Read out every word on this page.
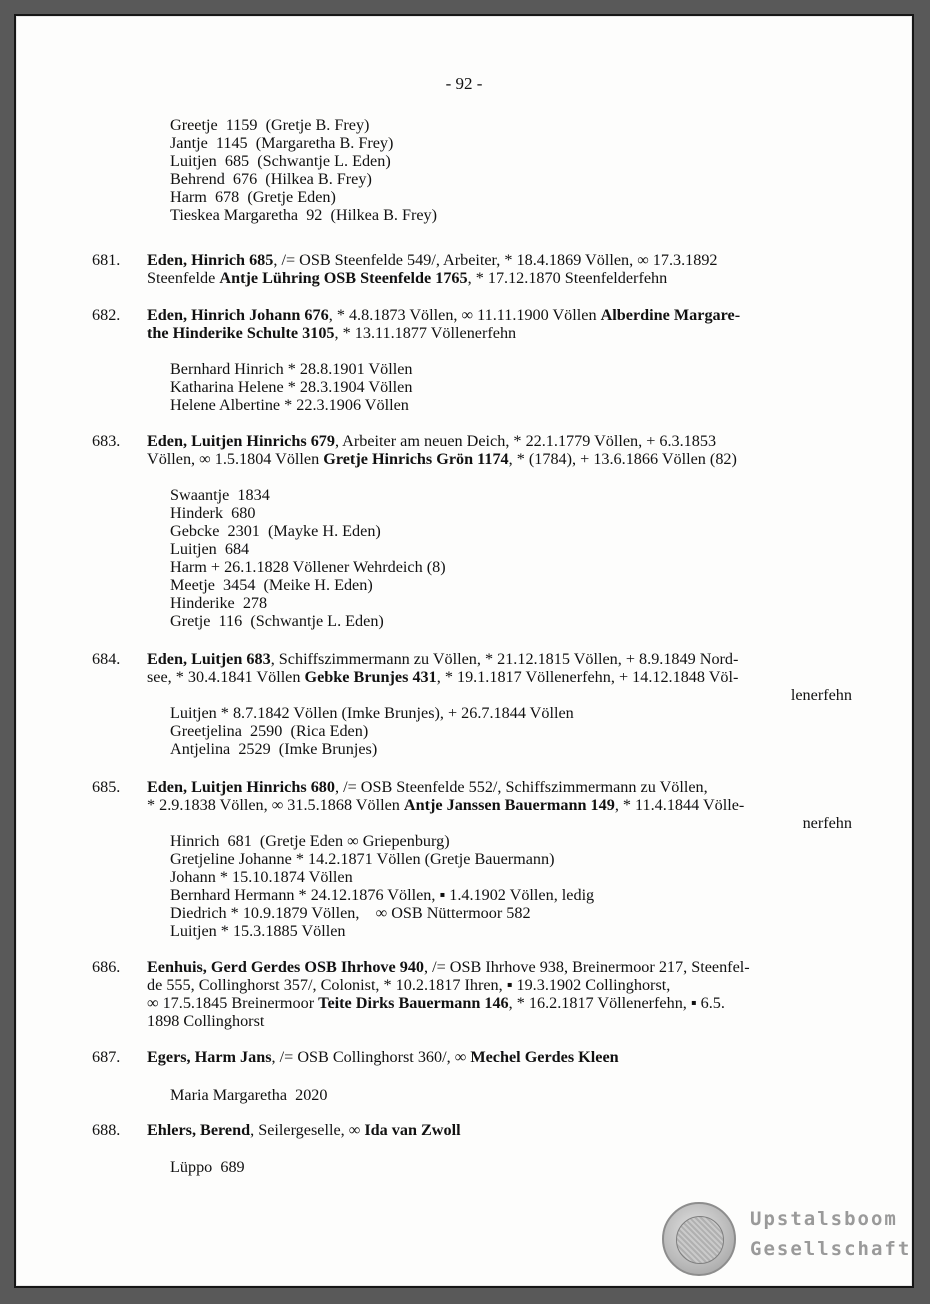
- 92 -
Greetje  1159  (Gretje B. Frey)
Jantje  1145  (Margaretha B. Frey)
Luitjen  685  (Schwantje L. Eden)
Behrend  676  (Hilkea B. Frey)
Harm  678  (Gretje Eden)
Tieskea Margaretha  92  (Hilkea B. Frey)
681. Eden, Hinrich 685, /= OSB Steenfelde 549/, Arbeiter, * 18.4.1869 Völlen, ∞ 17.3.1892
Steenfelde Antje Lühring OSB Steenfelde 1765, * 17.12.1870 Steenfelderfehn
682. Eden, Hinrich Johann 676, * 4.8.1873 Völlen, ∞ 11.11.1900 Völlen Alberdine Margare-
the Hinderike Schulte 3105, * 13.11.1877 Völlenerfehn
Bernhard Hinrich * 28.8.1901 Völlen
Katharina Helene * 28.3.1904 Völlen
Helene Albertine * 22.3.1906 Völlen
683. Eden, Luitjen Hinrichs 679, Arbeiter am neuen Deich, * 22.1.1779 Völlen, + 6.3.1853
Völlen, ∞ 1.5.1804 Völlen Gretje Hinrichs Grön 1174, * (1784), + 13.6.1866 Völlen (82)
Swaantje  1834
Hinderk  680
Gebcke  2301  (Mayke H. Eden)
Luitjen  684
Harm + 26.1.1828 Völlener Wehrdeich (8)
Meetje  3454  (Meike H. Eden)
Hinderike  278
Gretje  116  (Schwantje L. Eden)
684. Eden, Luitjen 683, Schiffszimmermann zu Völlen, * 21.12.1815 Völlen, + 8.9.1849 Nord-
see, * 30.4.1841 Völlen Gebke Brunjes 431, * 19.1.1817 Völlenerfehn, + 14.12.1848 Völ-
lenerfehn
Luitjen * 8.7.1842 Völlen (Imke Brunjes), + 26.7.1844 Völlen
Greetjelina  2590  (Rica Eden)
Antjelina  2529  (Imke Brunjes)
685. Eden, Luitjen Hinrichs 680, /= OSB Steenfelde 552/, Schiffszimmermann zu Völlen,
* 2.9.1838 Völlen, ∞ 31.5.1868 Völlen Antje Janssen Bauermann 149, * 11.4.1844 Völle-
nerfehn
Hinrich  681  (Gretje Eden ∞ Griepenburg)
Gretjeline Johanne * 14.2.1871 Völlen (Gretje Bauermann)
Johann * 15.10.1874 Völlen
Bernhard Hermann * 24.12.1876 Völlen, ▪ 1.4.1902 Völlen, ledig
Diedrich * 10.9.1879 Völlen,    ∞ OSB Nüttermoor 582
Luitjen * 15.3.1885 Völlen
686. Eenhuis, Gerd Gerdes OSB Ihrhove 940, /= OSB Ihrhove 938, Breinermoor 217, Steenfel-
de 555, Collinghorst 357/, Colonist, * 10.2.1817 Ihren, ▪ 19.3.1902 Collinghorst,
∞ 17.5.1845 Breinermoor Teite Dirks Bauermann 146, * 16.2.1817 Völlenerfehn, ▪ 6.5.
1898 Collinghorst
687. Egers, Harm Jans, /= OSB Collinghorst 360/, ∞ Mechel Gerdes Kleen
Maria Margaretha  2020
688. Ehlers, Berend, Seilergeselle, ∞ Ida van Zwoll
Lüppo  689
Upstalsboom
Gesellschaft
